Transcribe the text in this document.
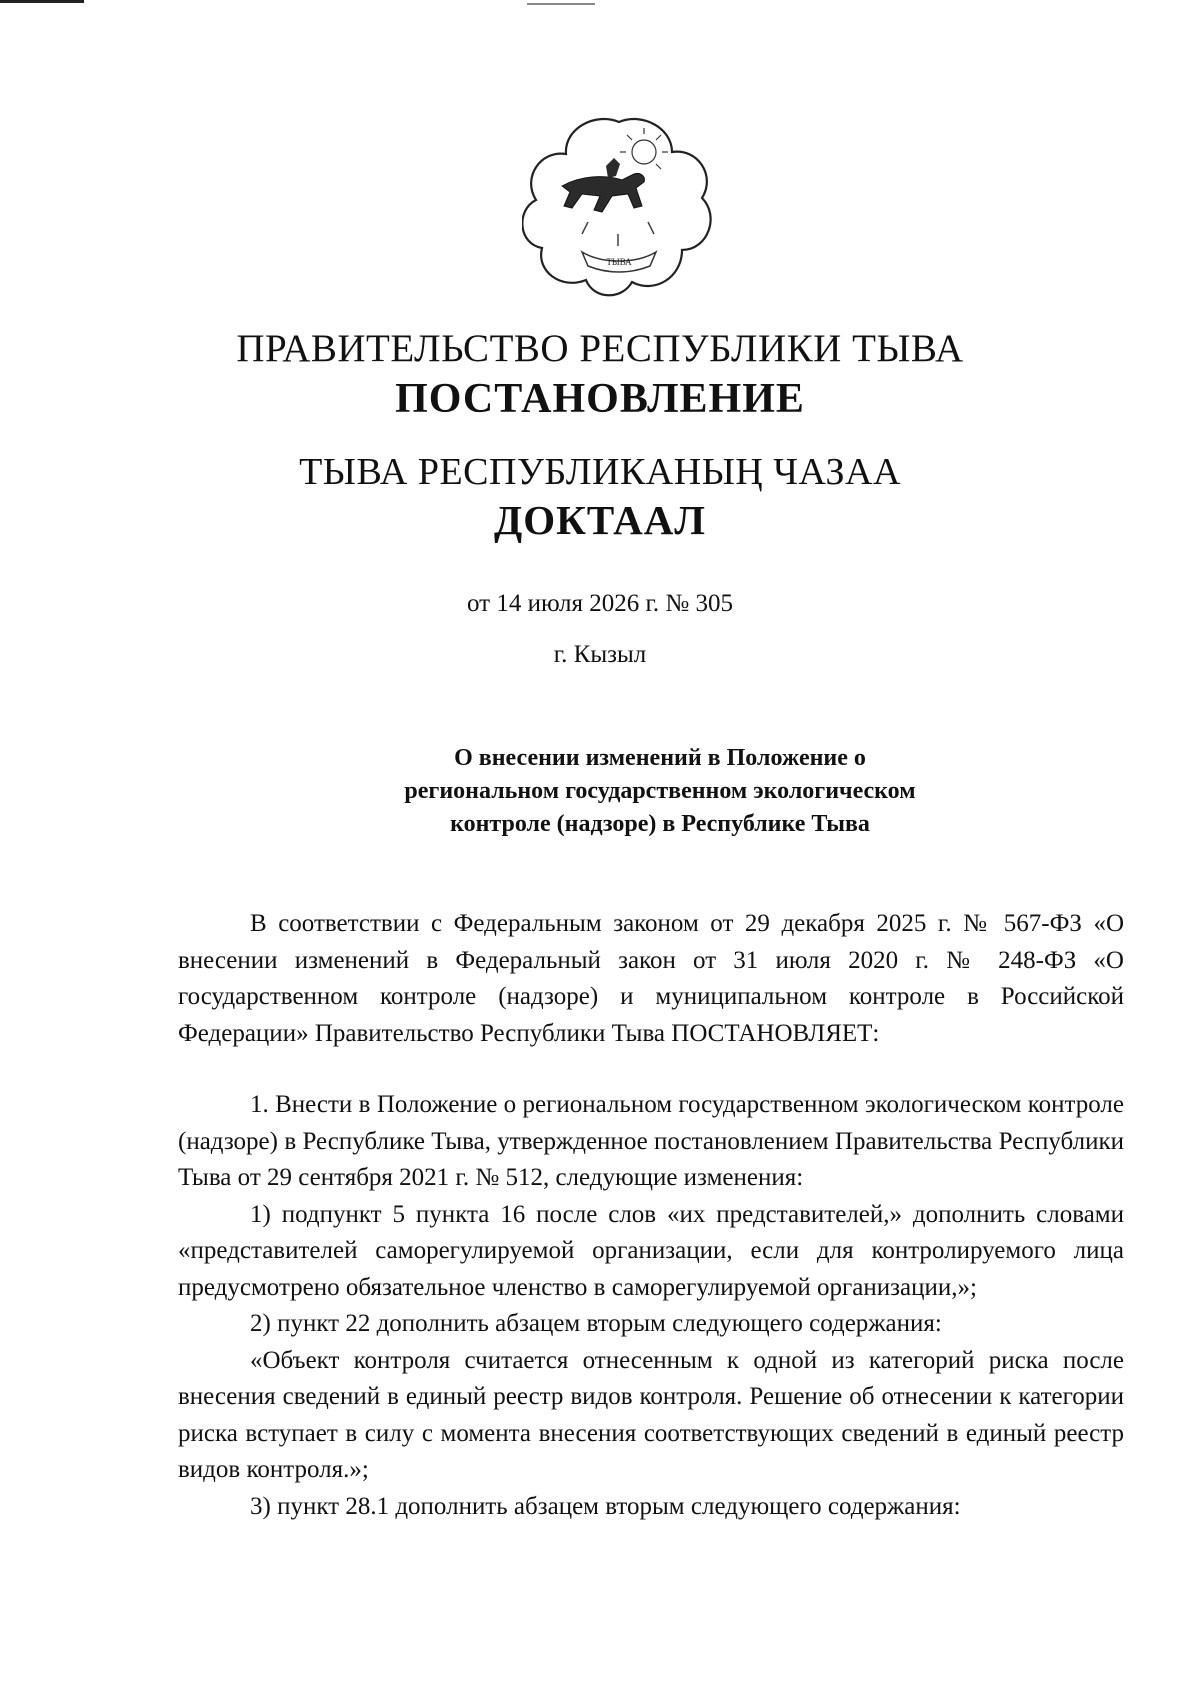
ТЫВА
ПРАВИТЕЛЬСТВО РЕСПУБЛИКИ ТЫВА
ПОСТАНОВЛЕНИЕ
ТЫВА РЕСПУБЛИКАНЫҢ ЧАЗАА
ДОКТААЛ
от 14 июля 2026 г. № 305
г. Кызыл
О внесении изменений в Положение о
региональном государственном экологическом
контроле (надзоре) в Республике Тыва

В соответствии с Федеральным законом от 29 декабря 2025 г. № 567-ФЗ «О внесении изменений в Федеральный закон от 31 июля 2020 г. № 248-ФЗ «О государственном контроле (надзоре) и муниципальном контроле в Российской Федерации» Правительство Республики Тыва ПОСТАНОВЛЯЕТ:

1. Внести в Положение о региональном государственном экологическом контроле (надзоре) в Республике Тыва, утвержденное постановлением Правительства Республики Тыва от 29 сентября 2021 г. № 512, следующие изменения:

1) подпункт 5 пункта 16 после слов «их представителей,» дополнить словами «представителей саморегулируемой организации, если для контролируемого лица предусмотрено обязательное членство в саморегулируемой организации,»;

2) пункт 22 дополнить абзацем вторым следующего содержания:

«Объект контроля считается отнесенным к одной из категорий риска после внесения сведений в единый реестр видов контроля. Решение об отнесении к категории риска вступает в силу с момента внесения соответствующих сведений в единый реестр видов контроля.»;

3) пункт 28.1 дополнить абзацем вторым следующего содержания:
